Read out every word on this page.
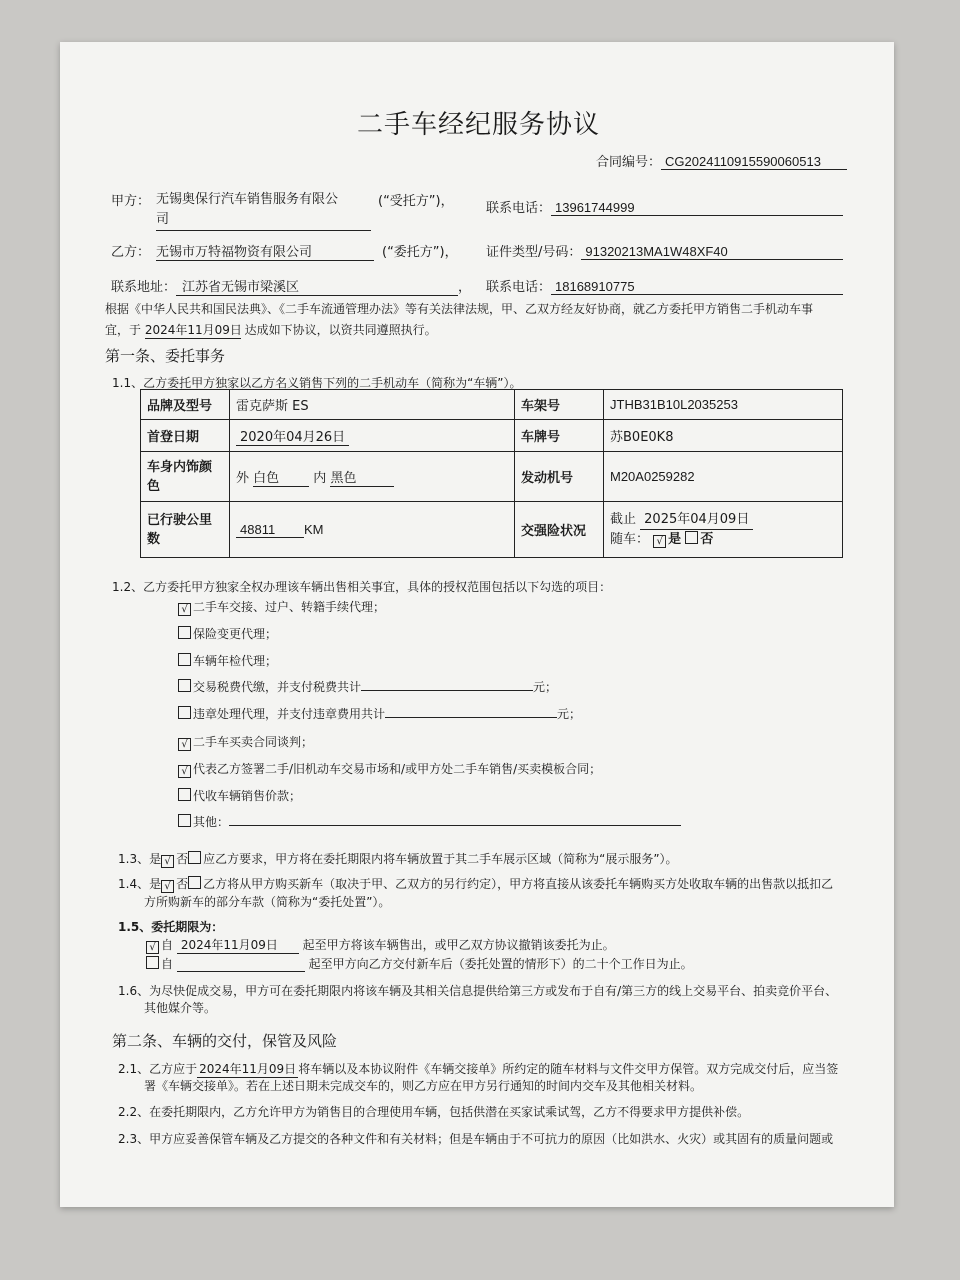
二手车经纪服务协议
合同编号： CG2024110915590060513
甲方： 无锡奥保行汽车销售服务有限公
司
(“受托方”)， 联系电话： 13961744999
乙方： 无锡市万特福物资有限公司	(“委托方”)， 证件类型/号码： 91320213MA1W48XF40
联系地址： 江苏省无锡市梁溪区	， 联系电话： 18168910775
根据《中华人民共和国民法典》、《二手车流通管理办法》等有关法律法规，甲、乙双方经友好协商，就乙方委托甲方销售二手机动车事
宜，于 2024年11月09日 达成如下协议，以资共同遵照执行。
第一条、委托事务
1.1、乙方委托甲方独家以乙方名义销售下列的二手机动车（简称为“车辆”）。
品牌及型号	雷克萨斯 ES	车架号	JTHB31B10L2035253
首登日期	2020年04月26日	车牌号	苏B0E0K8
车身内饰颜
色	外 白色 内 黑色	发动机号	M20A0259282
已行驶公里
数	48811 KM	交强险状况	截止 2025年04月09日
随车： √ 是 否
1.2、乙方委托甲方独家全权办理该车辆出售相关事宜，具体的授权范围包括以下勾选的项目：
√ 二手车交接、过户、转籍手续代理；
保险变更代理；
车辆年检代理；
交易税费代缴，并支付税费共计	元；
违章处理代理，并支付违章费用共计	元；
√ 二手车买卖合同谈判；
√ 代表乙方签署二手/旧机动车交易市场和/或甲方处二手车销售/买卖模板合同；
代收车辆销售价款；
其他：
1.3、是 √ 否 应乙方要求，甲方将在委托期限内将车辆放置于其二手车展示区域（简称为“展示服务”）。
1.4、是 √ 否 乙方将从甲方购买新车（取决于甲、乙双方的另行约定），甲方将直接从该委托车辆购买方处收取车辆的出售款以抵扣乙
方所购新车的部分车款（简称为“委托处置”）。
1.5、委托期限为：
√ 自 2024年11月09日 起至甲方将该车辆售出，或甲乙双方协议撤销该委托为止。
自	起至甲方向乙方交付新车后（委托处置的情形下）的二十个工作日为止。
1.6、为尽快促成交易，甲方可在委托期限内将该车辆及其相关信息提供给第三方或发布于自有/第三方的线上交易平台、拍卖竞价平台、
其他媒介等。
第二条、车辆的交付，保管及风险
2.1、乙方应于 2024年11月09日 将车辆以及本协议附件《车辆交接单》所约定的随车材料与文件交甲方保管。双方完成交付后，应当签
署《车辆交接单》。若在上述日期未完成交车的，则乙方应在甲方另行通知的时间内交车及其他相关材料。
2.2、在委托期限内，乙方允许甲方为销售目的合理使用车辆，包括供潜在买家试乘试驾，乙方不得要求甲方提供补偿。
2.3、甲方应妥善保管车辆及乙方提交的各种文件和有关材料；但是车辆由于不可抗力的原因（比如洪水、火灾）或其固有的质量问题或
